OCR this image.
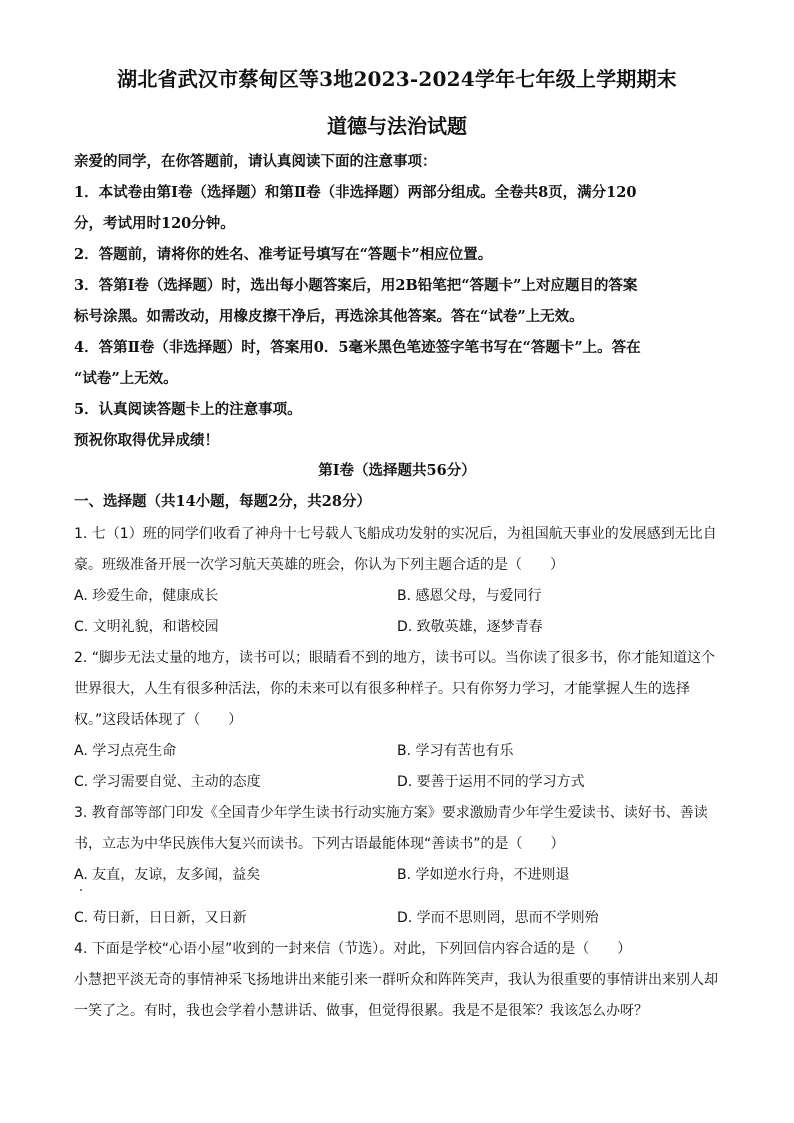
湖北省武汉市蔡甸区等3地2023-2024学年七年级上学期期末
道德与法治试题

亲爱的同学，在你答题前，请认真阅读下面的注意事项：

1．本试卷由第Ⅰ卷（选择题）和第Ⅱ卷（非选择题）两部分组成。全卷共8页，满分120

分，考试用时120分钟。

2．答题前，请将你的姓名、准考证号填写在“答题卡”相应位置。

3．答第Ⅰ卷（选择题）时，选出每小题答案后，用2B铅笔把“答题卡”上对应题目的答案

标号涂黑。如需改动，用橡皮擦干净后，再选涂其他答案。答在“试卷”上无效。

4．答第Ⅱ卷（非选择题）时，答案用0．5毫米黑色笔迹签字笔书写在“答题卡”上。答在

“试卷”上无效。

5．认真阅读答题卡上的注意事项。

预祝你取得优异成绩！

第Ⅰ卷（选择题共56分）
一、选择题（共14小题，每题2分，共28分）

1. 七（1）班的同学们收看了神舟十七号载人飞船成功发射的实况后，为祖国航天事业的发展感到无比自

豪。班级准备开展一次学习航天英雄的班会，你认为下列主题合适的是（　　）

A. 珍爱生命，健康成长	B. 感恩父母，与爱同行
C. 文明礼貌，和谐校园	D. 致敬英雄，逐梦青春

2. “脚步无法丈量的地方，读书可以；眼睛看不到的地方，读书可以。当你读了很多书，你才能知道这个

世界很大，人生有很多种活法，你的未来可以有很多种样子。只有你努力学习，才能掌握人生的选择

权。”这段话体现了（　　）

A. 学习点亮生命	B. 学习有苦也有乐
C. 学习需要自觉、主动的态度	D. 要善于运用不同的学习方式

3. 教育部等部门印发《全国青少年学生读书行动实施方案》要求激励青少年学生爱读书、读好书、善读

书，立志为中华民族伟大复兴而读书。下列古语最能体现“善读书”的是（　　）

A. 友直，友谅，友多闻，益矣	B. 学如逆水行舟，不进则退
C. 苟日新，日日新，又日新	D. 学而不思则罔，思而不学则殆

4. 下面是学校“心语小屋”收到的一封来信（节选）。对此，下列回信内容合适的是（　　）

小慧把平淡无奇的事情神采飞扬地讲出来能引来一群听众和阵阵笑声，我认为很重要的事情讲出来别人却

一笑了之。有时，我也会学着小慧讲话、做事，但觉得很累。我是不是很笨？我该怎么办呀？
